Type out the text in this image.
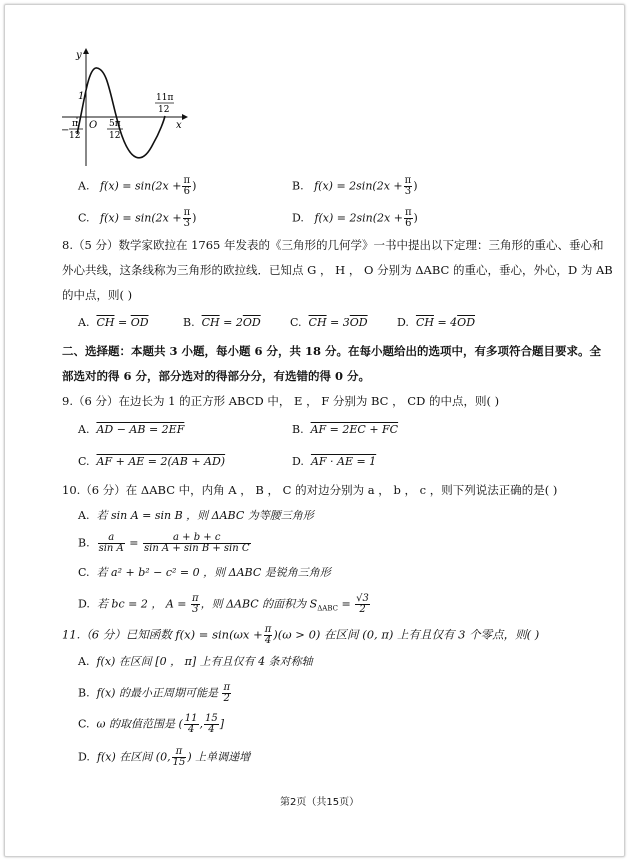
y
x
O
1
−
π
12
5π
12
11π
12
A. $f(x) = \sin(2x + \frac{\pi}{6}$ )	B. $f(x) = 2\sin(2x + \frac{\pi}{3}$ )
C. $f(x) = \sin(2x + \frac{\pi}{3}$ )	D. $f(x) = 2\sin(2x + \frac{\pi}{6}$ )
8.（5 分）数学家欧拉在 1765 年发表的《三角形的几何学》一书中提出以下定理：三角形的重心、垂心和
外心共线，这条线称为三角形的欧拉线．已知点 G ， H ， O 分别为 ΔABC 的重心，垂心，外心，D 为 AB
的中点，则( )
A. $\overline{CH} = \overline{OD}$	B. $\overline{CH} = 2\overline{OD}$	C. $\overline{CH} = 3\overline{OD}$	D. $\overline{CH} = 4\overline{OD}$
二、选择题：本题共 3 小题，每小题 6 分，共 18 分。在每小题给出的选项中，有多项符合题目要求。全
部选对的得 6 分，部分选对的得部分分，有选错的得 0 分。
9.（6 分）在边长为 1 的正方形 ABCD 中， E ， F 分别为 BC ， CD 的中点，则( )
A. AD − AB = 2EF	B. AF = 2EC + FC
C. AF + AE = 2(AB + AD)	D. AF · AE = 1
10.（6 分）在 ΔABC 中，内角 A ， B ， C 的对边分别为 a ， b ， c ，则下列说法正确的是( )
A. 若 sin A = sin B ，则 ΔABC 为等腰三角形
B. $\frac{a}{\text{sin A}} = \frac{a + b + c}{\text{sin A + sin B + sin C}}$
C. 若 a² + b² − c² = 0 ，则 ΔABC 是锐角三角形
D. 若 bc = 2 ， $A = \frac{\pi}{3}$ ，则 ΔABC 的面积为 $S_{\Delta ABC} = \frac{√3}{2}$
11.（6 分）已知函数 $f(x) = \sin(\omega x + \frac{\pi}{4} )(\omega > 0)$ 在区间 (0, π) 上有且仅有 3 个零点，则( )
A. f(x) 在区间 [0 ， π] 上有且仅有 4 条对称轴
B. f(x) 的最小正周期可能是 $\frac{\pi}{2}$
C. ω 的取值范围是 ( $\frac{11}{4}$ , $\frac{15}{4}$ ]
D. f(x) 在区间 (0, $\frac{\pi}{15}$ ) 上单调递增
第2页（共15页）
